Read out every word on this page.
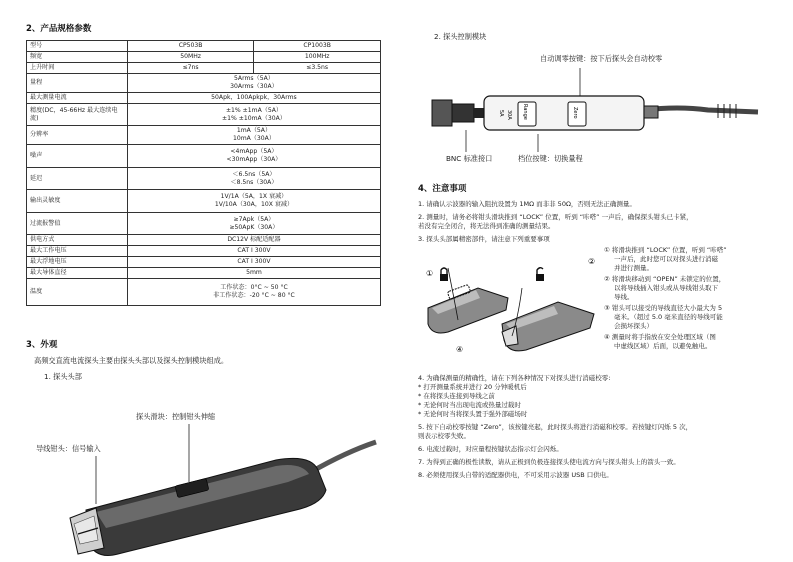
2、产品规格参数
型号	CP503B	CP1003B
频宽	50MHz	100MHz
上升时间	≤7ns	≤3.5ns
量程	5Arms（5A）
30Arms（30A）	

最大测量电流	50Apk，100Apkpk，30Arms	

精度(DC，45-66Hz 最大连续电流)	±1% ±1mA（5A）
±1% ±10mA（30A）	

分辨率	1mA（5A）
10mA（30A）	

噪声	<4mApp（5A）
<30mApp（30A）	

延迟	＜6.5ns（5A）
＜8.5ns（30A）	

输出灵敏度	1V/1A（5A，1X 衰减）
1V/10A（30A，10X 衰减）	

过流报警值	≥7Apk（5A）
≥50ApK（30A）	

供电方式	DC12V 标配适配器	

最大工作电压	CAT I 300V	

最大浮地电压	CAT I 300V	

最大导体直径	5mm	

温度	工作状态：0°C ~ 50 °C
非工作状态：-20 °C ~ 80 °C	
3、外观

高频交直流电流探头主要由探头头部以及探头控制模块组成。

1. 探头头部

探头滑块：控制钳头伸缩
导线钳头：信号输入

2. 探头控制模块

自动调零按键：按下后探头会自动校零
BNC 标准接口	档位按键：切换量程
5A 30A Range	Zero
4、注意事项

1. 请确认示波器的输入阻抗设置为 1MΩ 而非非 50Ω，否则无法正确测量。

2. 测量时，请务必将钳头滑块推到 “LOCK” 位置，听到 “咔嗒” 一声后，确保探头钳头已卡紧，
若没有完全闭合，将无法得到准确的测量结果。

3. 探头头部属精密部件，请注意下列重要事项

①
②
④
① 将滑块推到 “LOCK” 位置，听到 “咔嗒”
一声后，此时您可以对探头进行消磁
并进行测量。
② 将滑块移动到 “OPEN” 未锁定的位置，
以将导线插入钳头或从导线钳头取下
导线。
③ 钳头可以接受的导线直径大小最大为 5
毫米。（超过 5.0 毫米直径的导线可能
会损坏探头）
④ 测量时将手指放在安全处理区域（图
中虚线区域）后面，以避免触电。

4. 为确保测量的精确性，请在下列各种情况下对探头进行消磁校零:
* 打开测量系统并进行 20 分钟暖机后
* 在将探头连接到导线之前
* 无论何时当出现电流或热量过载时
* 无论何时当将探头置于强外部磁场时

5. 按下自动校零按键 “Zero”，该按键亮起，此时探头将进行消磁和校零。若按键灯闪烁 5 次，
则表示校零失败。

6. 电流过载时，对应量程按键状态指示灯会闪烁。

7. 为得到正确的极性读数，请从正极到负极连接探头使电流方向与探头钳头上的箭头一致。

8. 必须使用探头自带的适配器供电，不可采用示波器 USB 口供电。
